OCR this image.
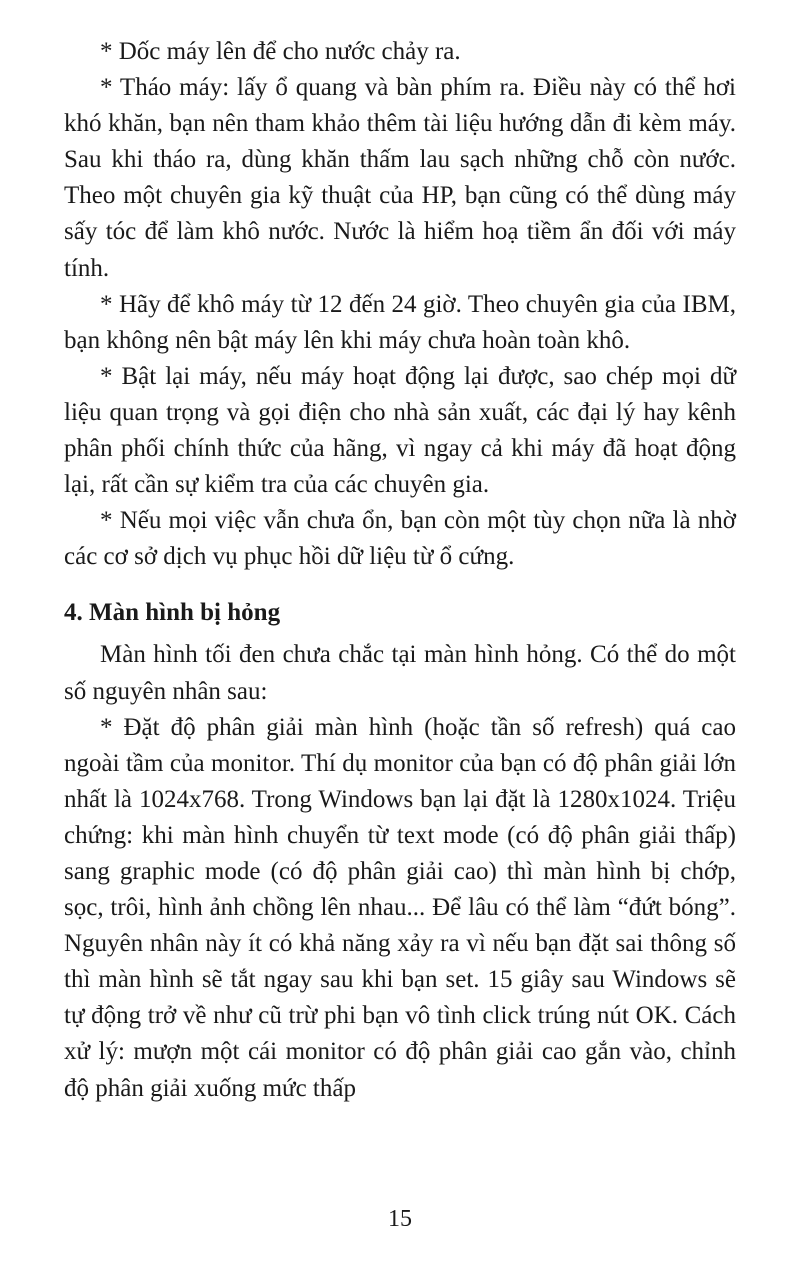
* Dốc máy lên để cho nước chảy ra.

* Tháo máy: lấy ổ quang và bàn phím ra. Điều này có thể hơi khó khăn, bạn nên tham khảo thêm tài liệu hướng dẫn đi kèm máy. Sau khi tháo ra, dùng khăn thấm lau sạch những chỗ còn nước. Theo một chuyên gia kỹ thuật của HP, bạn cũng có thể dùng máy sấy tóc để làm khô nước. Nước là hiểm hoạ tiềm ẩn đối với máy tính.

* Hãy để khô máy từ 12 đến 24 giờ. Theo chuyên gia của IBM, bạn không nên bật máy lên khi máy chưa hoàn toàn khô.

* Bật lại máy, nếu máy hoạt động lại được, sao chép mọi dữ liệu quan trọng và gọi điện cho nhà sản xuất, các đại lý hay kênh phân phối chính thức của hãng, vì ngay cả khi máy đã hoạt động lại, rất cần sự kiểm tra của các chuyên gia.

* Nếu mọi việc vẫn chưa ổn, bạn còn một tùy chọn nữa là nhờ các cơ sở dịch vụ phục hồi dữ liệu từ ổ cứng.

4. Màn hình bị hỏng

Màn hình tối đen chưa chắc tại màn hình hỏng. Có thể do một số nguyên nhân sau:

* Đặt độ phân giải màn hình (hoặc tần số refresh) quá cao ngoài tầm của monitor. Thí dụ monitor của bạn có độ phân giải lớn nhất là 1024x768. Trong Windows bạn lại đặt là 1280x1024. Triệu chứng: khi màn hình chuyển từ text mode (có độ phân giải thấp) sang graphic mode (có độ phân giải cao) thì màn hình bị chớp, sọc, trôi, hình ảnh chồng lên nhau... Để lâu có thể làm “đứt bóng”. Nguyên nhân này ít có khả năng xảy ra vì nếu bạn đặt sai thông số thì màn hình sẽ tắt ngay sau khi bạn set. 15 giây sau Windows sẽ tự động trở về như cũ trừ phi bạn vô tình click trúng nút OK. Cách xử lý: mượn một cái monitor có độ phân giải cao gắn vào, chỉnh độ phân giải xuống mức thấp

15
